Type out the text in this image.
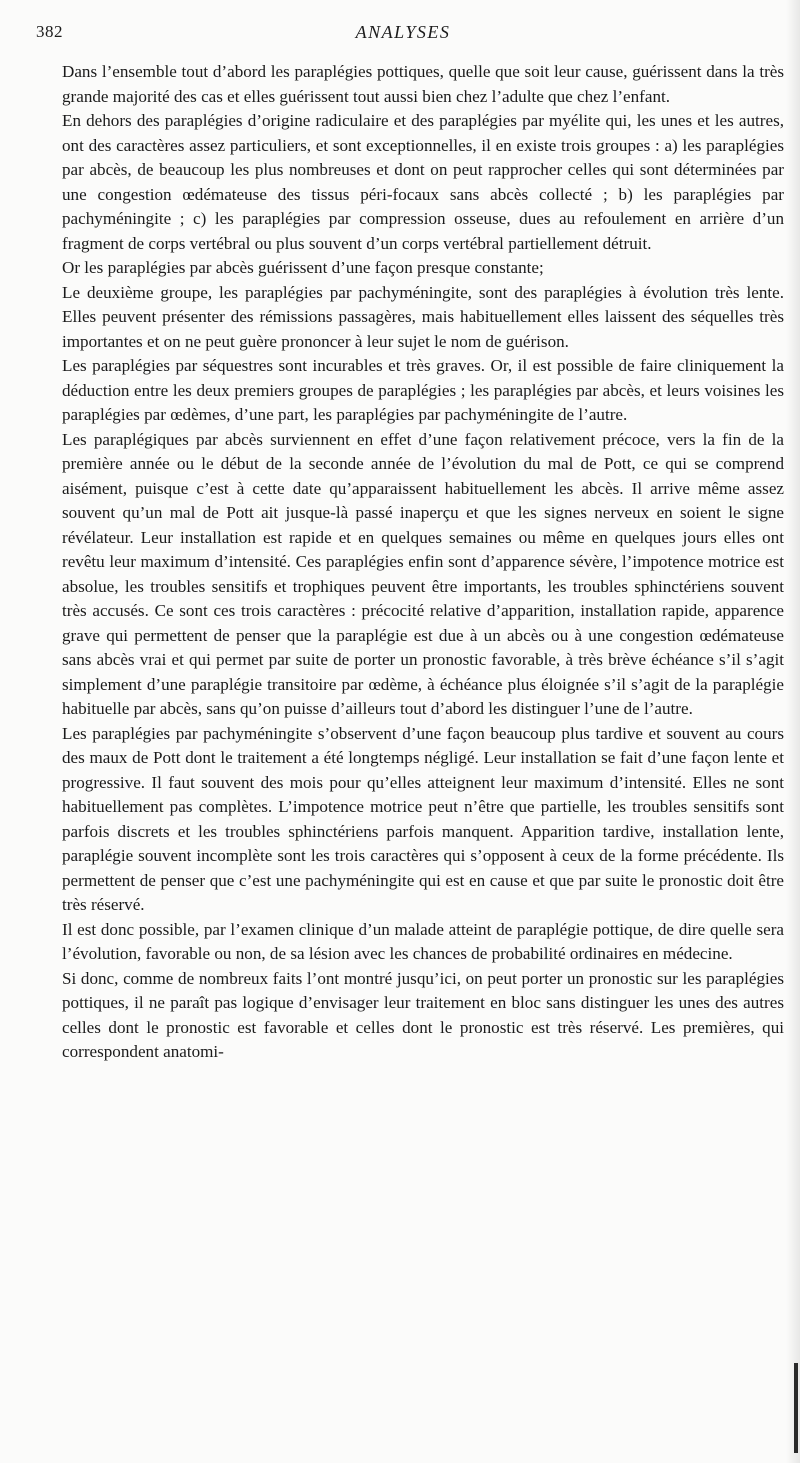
382	ANALYSES

Dans l’ensemble tout d’abord les paraplégies pottiques, quelle que soit leur cause, guérissent dans la très grande majorité des cas et elles guérissent tout aussi bien chez l’adulte que chez l’enfant.

En dehors des paraplégies d’origine radiculaire et des paraplégies par myélite qui, les unes et les autres, ont des caractères assez particuliers, et sont exceptionnelles, il en existe trois groupes : a) les paraplégies par abcès, de beaucoup les plus nombreuses et dont on peut rapprocher celles qui sont déterminées par une congestion œdémateuse des tissus péri-focaux sans abcès collecté ; b) les paraplégies par pachyméningite ; c) les paraplégies par compression osseuse, dues au refoulement en arrière d’un fragment de corps vertébral ou plus souvent d’un corps vertébral partiellement détruit.

Or les paraplégies par abcès guérissent d’une façon presque constante;

Le deuxième groupe, les paraplégies par pachyméningite, sont des paraplégies à évolution très lente. Elles peuvent présenter des rémissions passagères, mais habituellement elles laissent des séquelles très importantes et on ne peut guère prononcer à leur sujet le nom de guérison.

Les paraplégies par séquestres sont incurables et très graves. Or, il est possible de faire cliniquement la déduction entre les deux premiers groupes de paraplégies ; les paraplégies par abcès, et leurs voisines les paraplégies par œdèmes, d’une part, les paraplégies par pachyméningite de l’autre.

Les paraplégiques par abcès surviennent en effet d’une façon relativement précoce, vers la fin de la première année ou le début de la seconde année de l’évolution du mal de Pott, ce qui se comprend aisément, puisque c’est à cette date qu’apparaissent habituellement les abcès. Il arrive même assez souvent qu’un mal de Pott ait jusque-là passé inaperçu et que les signes nerveux en soient le signe révélateur. Leur installation est rapide et en quelques semaines ou même en quelques jours elles ont revêtu leur maximum d’intensité. Ces paraplégies enfin sont d’apparence sévère, l’impotence motrice est absolue, les troubles sensitifs et trophiques peuvent être importants, les troubles sphinctériens souvent très accusés. Ce sont ces trois caractères : précocité relative d’apparition, installation rapide, apparence grave qui permettent de penser que la paraplégie est due à un abcès ou à une congestion œdémateuse sans abcès vrai et qui permet par suite de porter un pronostic favorable, à très brève échéance s’il s’agit simplement d’une paraplégie transitoire par œdème, à échéance plus éloignée s’il s’agit de la paraplégie habituelle par abcès, sans qu’on puisse d’ailleurs tout d’abord les distinguer l’une de l’autre.

Les paraplégies par pachyméningite s’observent d’une façon beaucoup plus tardive et souvent au cours des maux de Pott dont le traitement a été longtemps négligé. Leur installation se fait d’une façon lente et progressive. Il faut souvent des mois pour qu’elles atteignent leur maximum d’intensité. Elles ne sont habituellement pas complètes. L’impotence motrice peut n’être que partielle, les troubles sensitifs sont parfois discrets et les troubles sphinctériens parfois manquent. Apparition tardive, installation lente, paraplégie souvent incomplète sont les trois caractères qui s’opposent à ceux de la forme précédente. Ils permettent de penser que c’est une pachyméningite qui est en cause et que par suite le pronostic doit être très réservé.

Il est donc possible, par l’examen clinique d’un malade atteint de paraplégie pottique, de dire quelle sera l’évolution, favorable ou non, de sa lésion avec les chances de probabilité ordinaires en médecine.

Si donc, comme de nombreux faits l’ont montré jusqu’ici, on peut porter un pronostic sur les paraplégies pottiques, il ne paraît pas logique d’envisager leur traitement en bloc sans distinguer les unes des autres celles dont le pronostic est favorable et celles dont le pronostic est très réservé. Les premières, qui correspondent anatomi-
